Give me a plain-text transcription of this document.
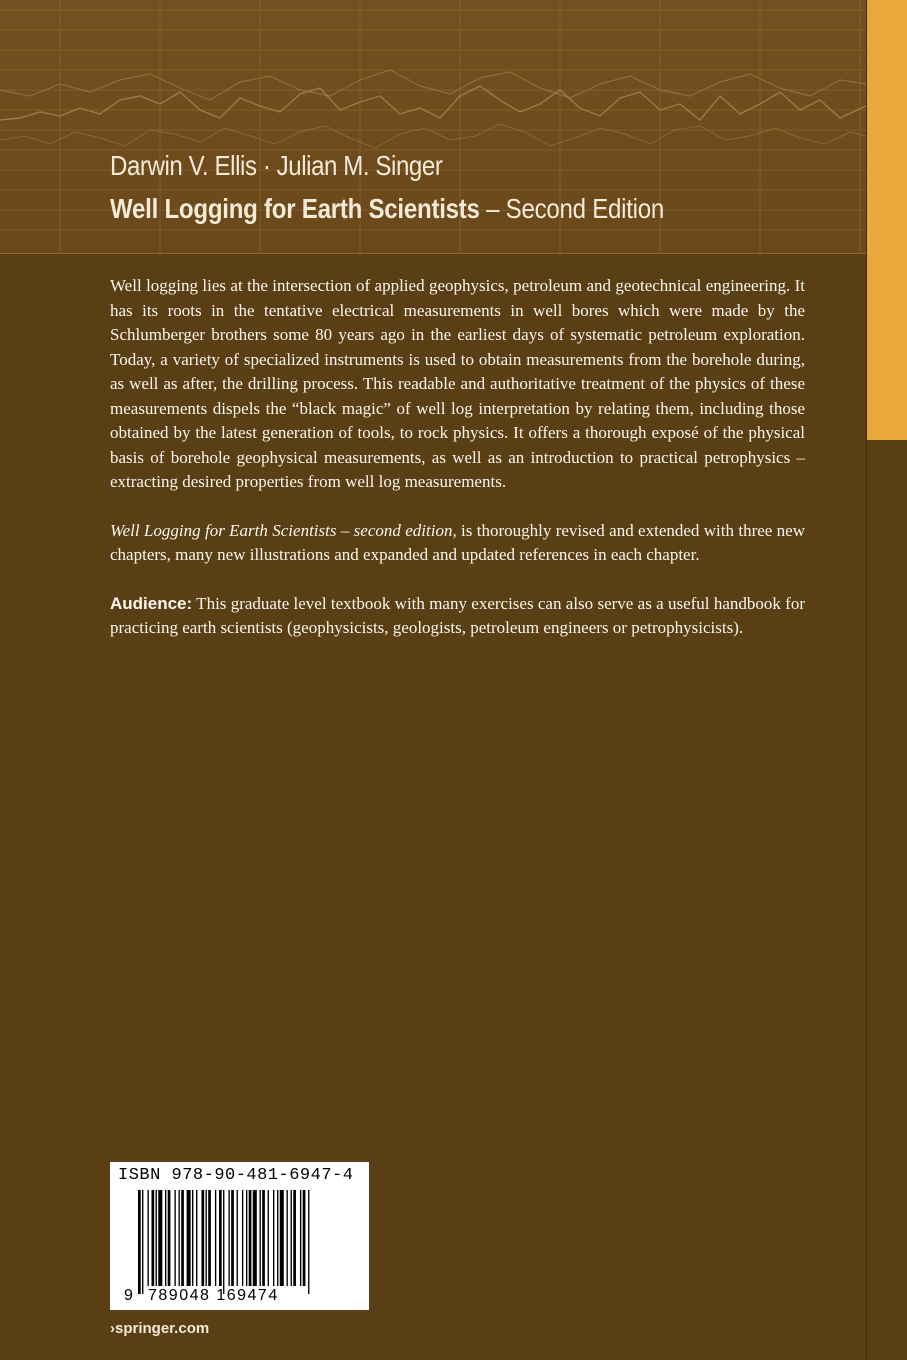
Darwin V. Ellis · Julian M. Singer
Well Logging for Earth Scientists – Second Edition

Well logging lies at the intersection of applied geophysics, petroleum and geotechnical engineering. It has its roots in the tentative electrical measurements in well bores which were made by the Schlumberger brothers some 80 years ago in the earliest days of systematic petroleum exploration. Today, a variety of specialized instruments is used to obtain measurements from the borehole during, as well as after, the drilling process. This readable and authoritative treatment of the physics of these measurements dispels the “black magic” of well log interpretation by relating them, including those obtained by the latest generation of tools, to rock physics. It offers a thorough exposé of the physical basis of borehole geophysical measurements, as well as an introduction to practical petrophysics – extracting desired properties from well log measurements.

Well Logging for Earth Scientists – second edition, is thoroughly revised and extended with three new chapters, many new illustrations and expanded and updated references in each chapter.

Audience: This graduate level textbook with many exercises can also serve as a useful handbook for practicing earth scientists (geophysicists, geologists, petroleum engineers or petrophysicists).

ISBN 978-90-481-6947-4
9 789048 169474
›springer.com
